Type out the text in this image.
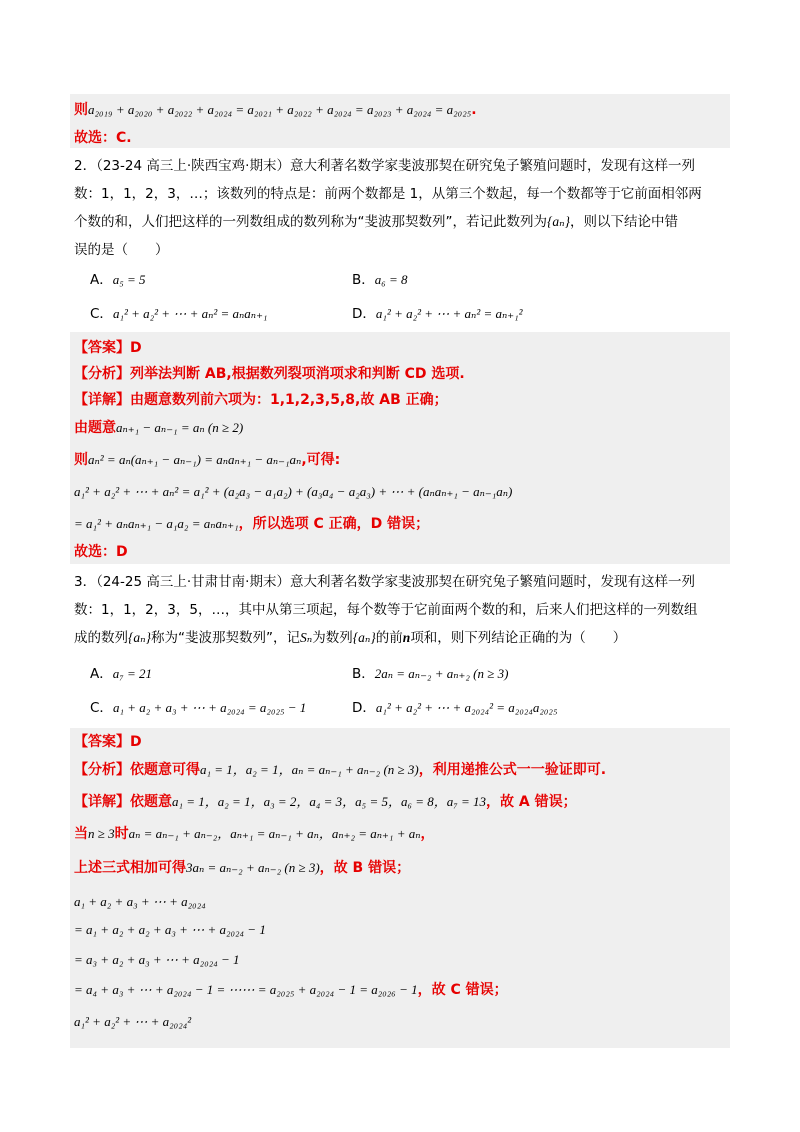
则a₂₀₁₉ + a₂₀₂₀ + a₂₀₂₂ + a₂₀₂₄ = a₂₀₂₁ + a₂₀₂₂ + a₂₀₂₄ = a₂₀₂₃ + a₂₀₂₄ = a₂₀₂₅.
故选：C.
2．（23-24 高三上·陕西宝鸡·期末）意大利著名数学家斐波那契在研究兔子繁殖问题时，发现有这样一列
数：1，1，2，3，…；该数列的特点是：前两个数都是 1，从第三个数起，每一个数都等于它前面相邻两
个数的和，人们把这样的一列数组成的数列称为“斐波那契数列”，若记此数列为{aₙ}，则以下结论中错
误的是（　　）
A．a₅ = 5	B．a₆ = 8
C．a₁² + a₂² + ⋯ + aₙ² = aₙaₙ₊₁	D．a₁² + a₂² + ⋯ + aₙ² = aₙ₊₁²
【答案】D
【分析】列举法判断 AB,根据数列裂项消项求和判断 CD 选项.
【详解】由题意数列前六项为：1,1,2,3,5,8,故 AB 正确；
由题意aₙ₊₁ − aₙ₋₁ = aₙ (n ≥ 2)
则aₙ² = aₙ(aₙ₊₁ − aₙ₋₁) = aₙaₙ₊₁ − aₙ₋₁aₙ,可得:
a₁² + a₂² + ⋯ + aₙ² = a₁² + (a₂a₃ − a₁a₂) + (a₃a₄ − a₂a₃) + ⋯ + (aₙaₙ₊₁ − aₙ₋₁aₙ)
= a₁² + aₙaₙ₊₁ − a₁a₂ = aₙaₙ₊₁，所以选项 C 正确，D 错误；
故选：D
3．（24-25 高三上·甘肃甘南·期末）意大利著名数学家斐波那契在研究兔子繁殖问题时，发现有这样一列
数：1，1，2，3，5，…，其中从第三项起，每个数等于它前面两个数的和，后来人们把这样的一列数组
成的数列{aₙ}称为“斐波那契数列”，记Sₙ为数列{aₙ}的前n项和，则下列结论正确的为（　　）
A．a₇ = 21	B．2aₙ = aₙ₋₂ + aₙ₊₂ (n ≥ 3)
C．a₁ + a₂ + a₃ + ⋯ + a₂₀₂₄ = a₂₀₂₅ − 1	D．a₁² + a₂² + ⋯ + a₂₀₂₄² = a₂₀₂₄a₂₀₂₅
【答案】D
【分析】依题意可得a₁ = 1，a₂ = 1，aₙ = aₙ₋₁ + aₙ₋₂ (n ≥ 3)，利用递推公式一一验证即可.
【详解】依题意a₁ = 1，a₂ = 1，a₃ = 2，a₄ = 3，a₅ = 5，a₆ = 8，a₇ = 13，故 A 错误；
当n ≥ 3时aₙ = aₙ₋₁ + aₙ₋₂，aₙ₊₁ = aₙ₋₁ + aₙ，aₙ₊₂ = aₙ₊₁ + aₙ，
上述三式相加可得3aₙ = aₙ₋₂ + aₙ₋₂ (n ≥ 3)，故 B 错误；
a₁ + a₂ + a₃ + ⋯ + a₂₀₂₄
= a₁ + a₂ + a₂ + a₃ + ⋯ + a₂₀₂₄ − 1
= a₃ + a₂ + a₃ + ⋯ + a₂₀₂₄ − 1
= a₄ + a₃ + ⋯ + a₂₀₂₄ − 1 = ⋯⋯ = a₂₀₂₅ + a₂₀₂₄ − 1 = a₂₀₂₆ − 1，故 C 错误；
a₁² + a₂² + ⋯ + a₂₀₂₄²
